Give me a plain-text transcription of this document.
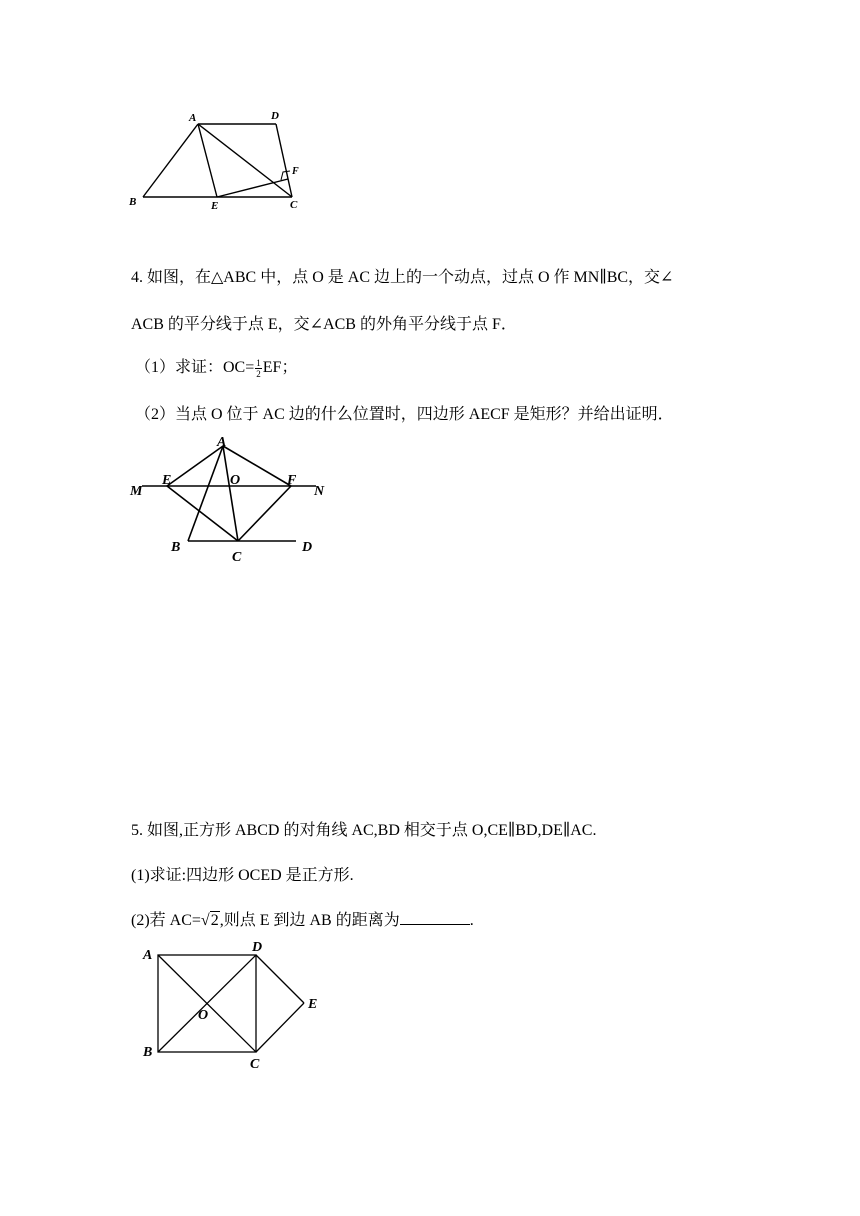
A	D
B	E	C
F
4. 如图，在△ABC 中，点 O 是 AC 边上的一个动点，过点 O 作 MN∥BC，交∠
ACB 的平分线于点 E，交∠ACB 的外角平分线于点 F．
（1）求证：$OC= \frac{1}{2}$ EF；
（2）当点 O 位于 AC 边的什么位置时，四边形 AECF 是矩形？并给出证明．
A
E	O	F
M	N
B
C
D
5. 如图,正方形 ABCD 的对角线 AC,BD 相交于点 O,CE∥BD,DE∥AC.
(1)求证:四边形 OCED 是正方形.
(2)若 AC=√2,则点 E 到边 AB 的距离为	.
A
D
E
O
B
C
